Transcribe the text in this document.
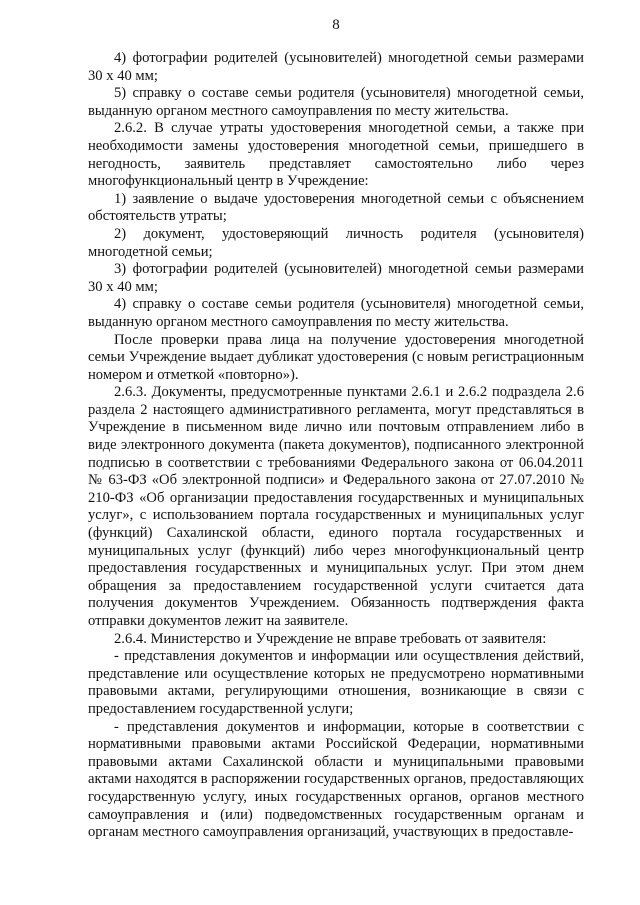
8

4) фотографии родителей (усыновителей) многодетной семьи размерами 30 х 40 мм;

5) справку о составе семьи родителя (усыновителя) многодетной семьи, выданную органом местного самоуправления по месту жительства.

2.6.2. В случае утраты удостоверения многодетной семьи, а также при необходимости замены удостоверения многодетной семьи, пришедшего в негодность, заявитель представляет самостоятельно либо через многофункциональный центр в Учреждение:

1) заявление о выдаче удостоверения многодетной семьи с объяснением обстоятельств утраты;

2) документ, удостоверяющий личность родителя (усыновителя) многодетной семьи;

3) фотографии родителей (усыновителей) многодетной семьи размерами 30 х 40 мм;

4) справку о составе семьи родителя (усыновителя) многодетной семьи, выданную органом местного самоуправления по месту жительства.

После проверки права лица на получение удостоверения многодетной семьи Учреждение выдает дубликат удостоверения (с новым регистрационным номером и отметкой «повторно»).

2.6.3. Документы, предусмотренные пунктами 2.6.1 и 2.6.2 подраздела 2.6 раздела 2 настоящего административного регламента, могут представляться в Учреждение в письменном виде лично или почтовым отправлением либо в виде электронного документа (пакета документов), подписанного электронной подписью в соответствии с требованиями Федерального закона от 06.04.2011 № 63-ФЗ «Об электронной подписи» и Федерального закона от 27.07.2010 № 210-ФЗ «Об организации предоставления государственных и муниципальных услуг», с использованием портала государственных и муниципальных услуг (функций) Сахалинской области, единого портала государственных и муниципальных услуг (функций) либо через многофункциональный центр предоставления государственных и муниципальных услуг. При этом днем обращения за предоставлением государственной услуги считается дата получения документов Учреждением. Обязанность подтверждения факта отправки документов лежит на заявителе.

2.6.4. Министерство и Учреждение не вправе требовать от заявителя:

- представления документов и информации или осуществления действий, представление или осуществление которых не предусмотрено нормативными правовыми актами, регулирующими отношения, возникающие в связи с предоставлением государственной услуги;

- представления документов и информации, которые в соответствии с нормативными правовыми актами Российской Федерации, нормативными правовыми актами Сахалинской области и муниципальными правовыми актами находятся в распоряжении государственных органов, предоставляющих государственную услугу, иных государственных органов, органов местного самоуправления и (или) подведомственных государственным органам и органам местного самоуправления организаций, участвующих в предоставле-
